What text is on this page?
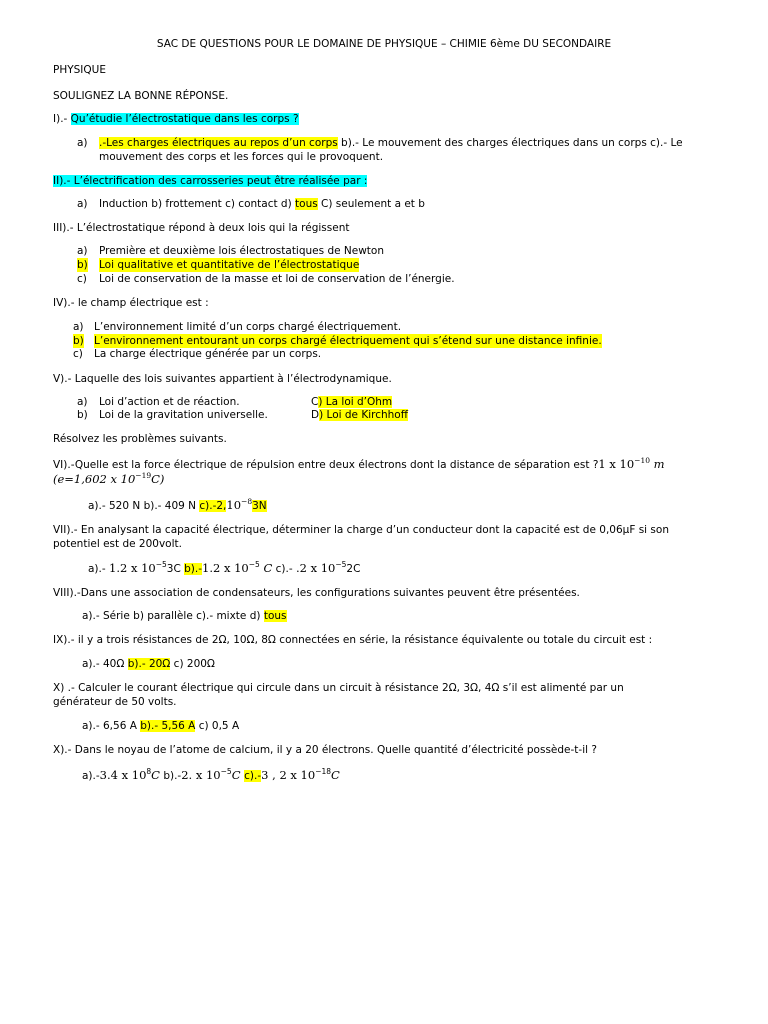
SAC DE QUESTIONS POUR LE DOMAINE DE PHYSIQUE – CHIMIE 6ème DU SECONDAIRE
PHYSIQUE
SOULIGNEZ LA BONNE RÉPONSE.
I).- Qu’étudie l’électrostatique dans les corps ?
a) .-Les charges électriques au repos d’un corps b).- Le mouvement des charges électriques dans un corps c).- Le
mouvement des corps et les forces qui le provoquent.
II).- L’électrification des carrosseries peut être réalisée par :
a) Induction b) frottement c) contact d) tous C) seulement a et b
III).- L’électrostatique répond à deux lois qui la régissent
a) Première et deuxième lois électrostatiques de Newton
b) Loi qualitative et quantitative de l’électrostatique
c) Loi de conservation de la masse et loi de conservation de l’énergie.
IV).- le champ électrique est :
a) L’environnement limité d’un corps chargé électriquement.
b) L’environnement entourant un corps chargé électriquement qui s’étend sur une distance infinie.
c) La charge électrique générée par un corps.
V).- Laquelle des lois suivantes appartient à l’électrodynamique.
a) Loi d’action et de réaction.	C) La loi d’Ohm
b) Loi de la gravitation universelle.	D) Loi de Kirchhoff
Résolvez les problèmes suivants.
VI).-Quelle est la force électrique de répulsion entre deux électrons dont la distance de séparation est ?1 x $10^{-10}$ m
(e=1,602 x $10^{-19}C$)
a).- 520 N b).- 409 N $c).-2,10^{-8}3N$
VII).- En analysant la capacité électrique, déterminer la charge d’un conducteur dont la capacité est de 0,06µF si son
potentiel est de 200volt.
a).- 1.2 x $10^{-5}3C$ b).-1.2 x $10^{-5}$ C c).- .2 x $10^{-5}2C$
VIII).-Dans une association de condensateurs, les configurations suivantes peuvent être présentées.
a).- Série b) parallèle c).- mixte d) tous
IX).- il y a trois résistances de 2Ω, 10Ω, 8Ω connectées en série, la résistance équivalente ou totale du circuit est :
a).- 40Ω b).- 20Ω c) 200Ω
X) .- Calculer le courant électrique qui circule dans un circuit à résistance 2Ω, 3Ω, 4Ω s’il est alimenté par un
générateur de 50 volts.
a).- 6,56 A b).- 5,56 A c) 0,5 A
X).- Dans le noyau de l’atome de calcium, il y a 20 électrons. Quelle quantité d’électricité possède-t-il ?
a).-3.4 x $10^8C$ b).-2. x $10^{-5}C$ c).-3 , 2 x $10^{-18}C$
